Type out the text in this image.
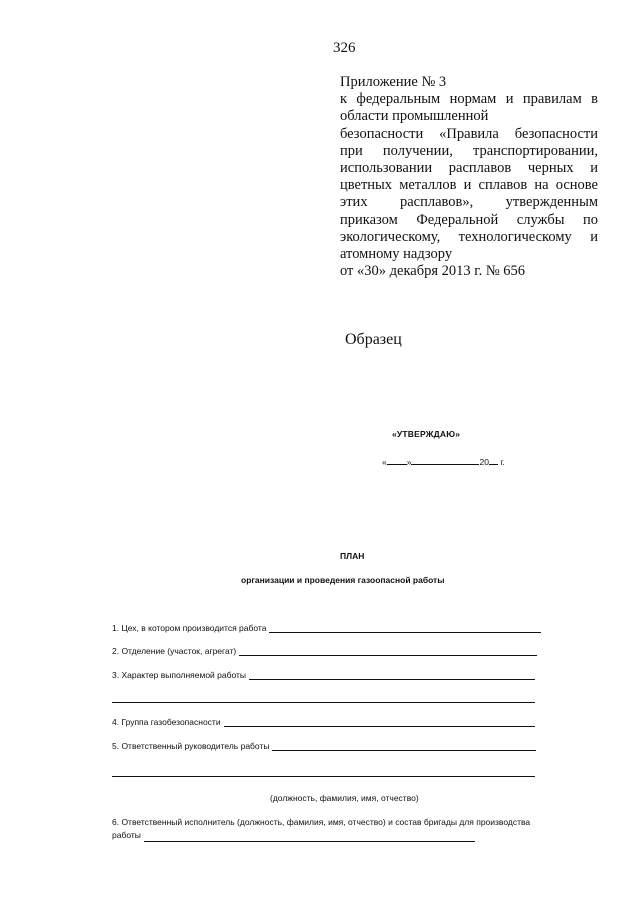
326
Приложение № 3
к федеральным нормам и правилам в
области промышленной
безопасности «Правила безопасности
при получении, транспортировании,
использовании расплавов черных и
цветных металлов и сплавов на основе
этих расплавов», утвержденным
приказом Федеральной службы по
экологическому, технологическому и
атомному надзору
от «30» декабря 2013 г. № 656
Образец
«УТВЕРЖДАЮ»
« »	20 г.
ПЛАН
организации и проведения газоопасной работы
1. Цех, в котором производится работа
2. Отделение (участок, агрегат)
3. Характер выполняемой работы
4. Группа газобезопасности
5. Ответственный руководитель работы
(должность, фамилия, имя, отчество)
6. Ответственный исполнитель (должность, фамилия, имя, отчество) и состав бригады для производства
работы
